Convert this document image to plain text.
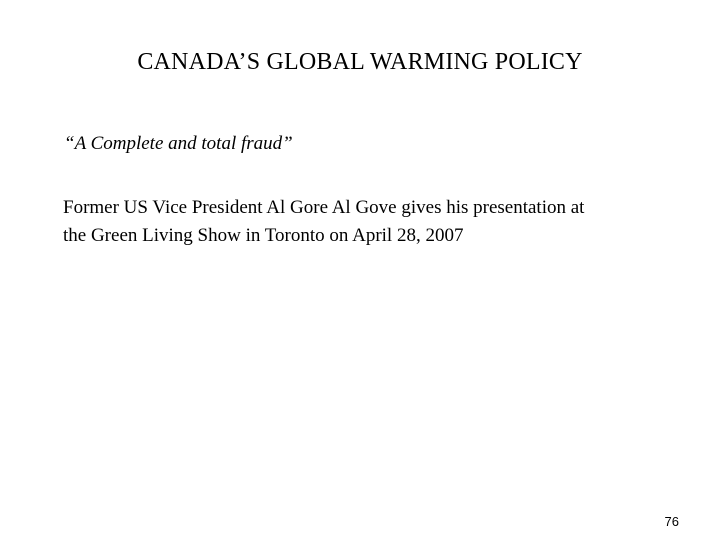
CANADA’S GLOBAL WARMING POLICY
“A Complete and total fraud”
Former US Vice President Al Gore Al Gove gives his presentation at
the Green Living Show in Toronto on April 28, 2007
76
